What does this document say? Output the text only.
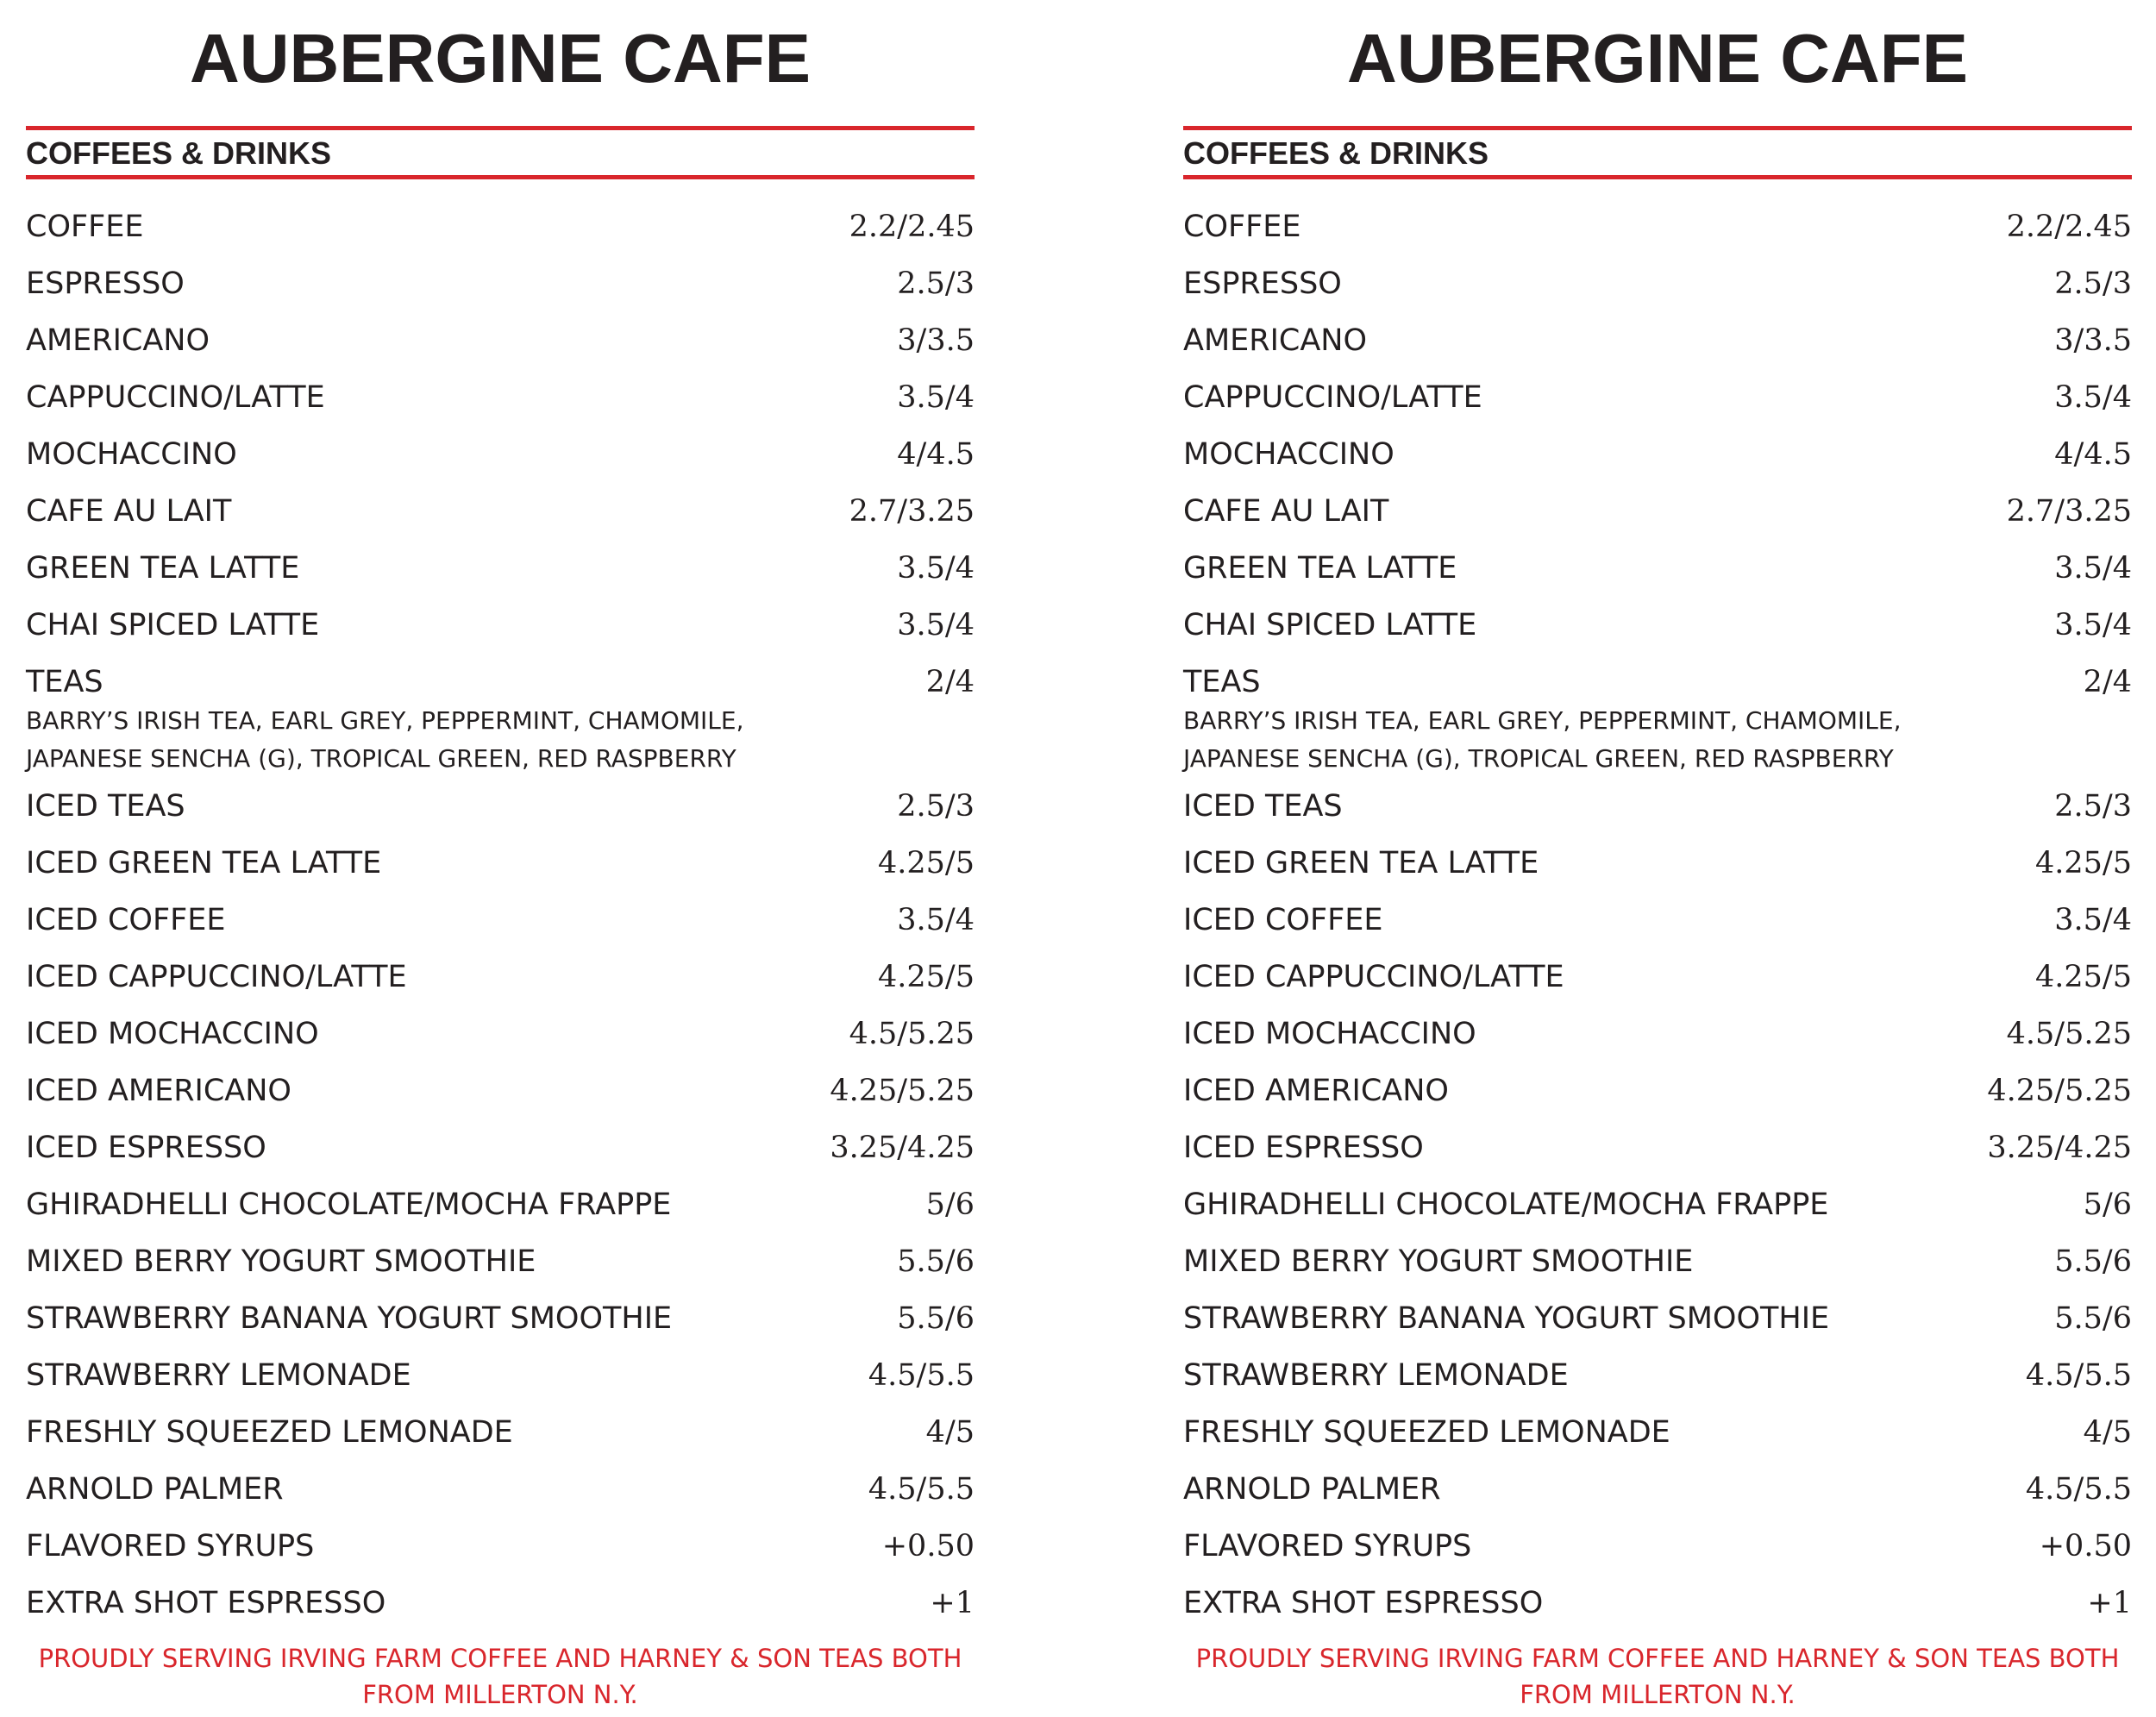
AUBERGINE CAFE
COFFEES & DRINKS
COFFEE	2.2/2.45
ESPRESSO	2.5/3
AMERICANO	3/3.5
CAPPUCCINO/LATTE	3.5/4
MOCHACCINO	4/4.5
CAFE AU LAIT	2.7/3.25
GREEN TEA LATTE	3.5/4
CHAI SPICED LATTE	3.5/4
TEAS	2/4
BARRY’S IRISH TEA, EARL GREY, PEPPERMINT, CHAMOMILE,
JAPANESE SENCHA (G), TROPICAL GREEN, RED RASPBERRY
ICED TEAS	2.5/3
ICED GREEN TEA LATTE	4.25/5
ICED COFFEE	3.5/4
ICED CAPPUCCINO/LATTE	4.25/5
ICED MOCHACCINO	4.5/5.25
ICED AMERICANO	4.25/5.25
ICED ESPRESSO	3.25/4.25
GHIRADHELLI CHOCOLATE/MOCHA FRAPPE	5/6
MIXED BERRY YOGURT SMOOTHIE	5.5/6
STRAWBERRY BANANA YOGURT SMOOTHIE	5.5/6
STRAWBERRY LEMONADE	4.5/5.5
FRESHLY SQUEEZED LEMONADE	4/5
ARNOLD PALMER	4.5/5.5
FLAVORED SYRUPS	+0.50
EXTRA SHOT ESPRESSO	+1
PROUDLY SERVING IRVING FARM COFFEE AND HARNEY & SON TEAS BOTH
FROM MILLERTON N.Y.
AUBERGINE CAFE
COFFEES & DRINKS
COFFEE	2.2/2.45
ESPRESSO	2.5/3
AMERICANO	3/3.5
CAPPUCCINO/LATTE	3.5/4
MOCHACCINO	4/4.5
CAFE AU LAIT	2.7/3.25
GREEN TEA LATTE	3.5/4
CHAI SPICED LATTE	3.5/4
TEAS	2/4
BARRY’S IRISH TEA, EARL GREY, PEPPERMINT, CHAMOMILE,
JAPANESE SENCHA (G), TROPICAL GREEN, RED RASPBERRY
ICED TEAS	2.5/3
ICED GREEN TEA LATTE	4.25/5
ICED COFFEE	3.5/4
ICED CAPPUCCINO/LATTE	4.25/5
ICED MOCHACCINO	4.5/5.25
ICED AMERICANO	4.25/5.25
ICED ESPRESSO	3.25/4.25
GHIRADHELLI CHOCOLATE/MOCHA FRAPPE	5/6
MIXED BERRY YOGURT SMOOTHIE	5.5/6
STRAWBERRY BANANA YOGURT SMOOTHIE	5.5/6
STRAWBERRY LEMONADE	4.5/5.5
FRESHLY SQUEEZED LEMONADE	4/5
ARNOLD PALMER	4.5/5.5
FLAVORED SYRUPS	+0.50
EXTRA SHOT ESPRESSO	+1
PROUDLY SERVING IRVING FARM COFFEE AND HARNEY & SON TEAS BOTH
FROM MILLERTON N.Y.
